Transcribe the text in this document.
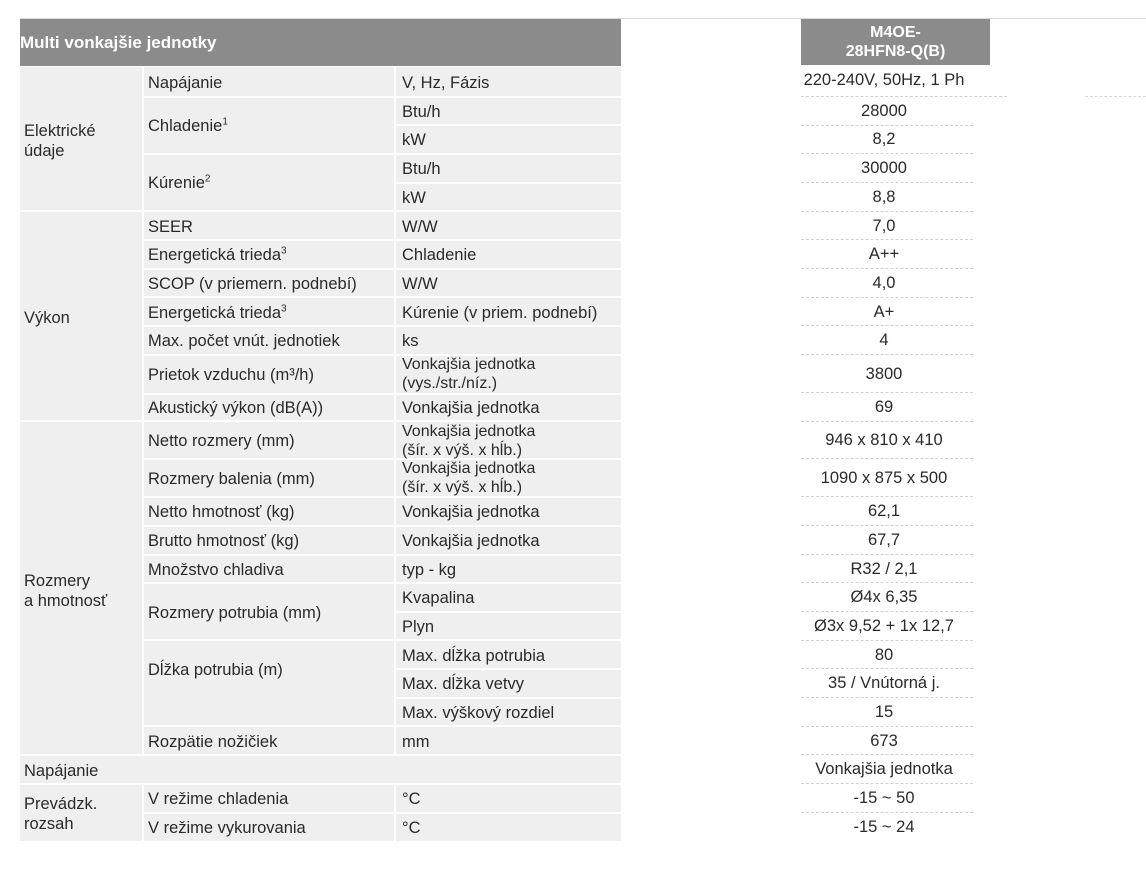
Multi vonkajšie jednotky
M4OE-
28HFN8-Q(B)
Elektrické
údaje
Výkon
Rozmery
a hmotnosť
Napájanie
Prevádzk.
rozsah
Napájanie
Chladenie$^1$
Kúrenie$^2$
SEER
Energetická trieda$^3$
SCOP (v priemern. podnebí)
Energetická trieda$^3$
Max. počet vnút. jednotiek
Prietok vzduchu (m³/h)
Akustický výkon (dB(A))
Netto rozmery (mm)
Rozmery balenia (mm)
Netto hmotnosť (kg)
Brutto hmotnosť (kg)
Množstvo chladiva
Rozmery potrubia (mm)
Dĺžka potrubia (m)
Rozpätie nožičiek
V režime chladenia
V režime vykurovania
V, Hz, Fázis
Btu/h
kW
Btu/h
kW
W/W
Chladenie
W/W
Kúrenie (v priem. podnebí)
ks
Vonkajšia jednotka
(vys./str./níz.)
Vonkajšia jednotka
Vonkajšia jednotka
(šír. x výš. x hĺb.)
Vonkajšia jednotka
(šír. x výš. x hĺb.)
Vonkajšia jednotka
Vonkajšia jednotka
typ - kg
Kvapalina
Plyn
Max. dĺžka potrubia
Max. dĺžka vetvy
Max. výškový rozdiel
mm
°C
°C
220-240V, 50Hz, 1 Ph
28000
8,2
30000
8,8
7,0
A++
4,0
A+
4
3800
69
946 x 810 x 410
1090 x 875 x 500
62,1
67,7
R32 / 2,1
Ø4x 6,35
Ø3x 9,52 + 1x 12,7
80
35 / Vnútorná j.
15
673
Vonkajšia jednotka
-15 ~ 50
-15 ~ 24
